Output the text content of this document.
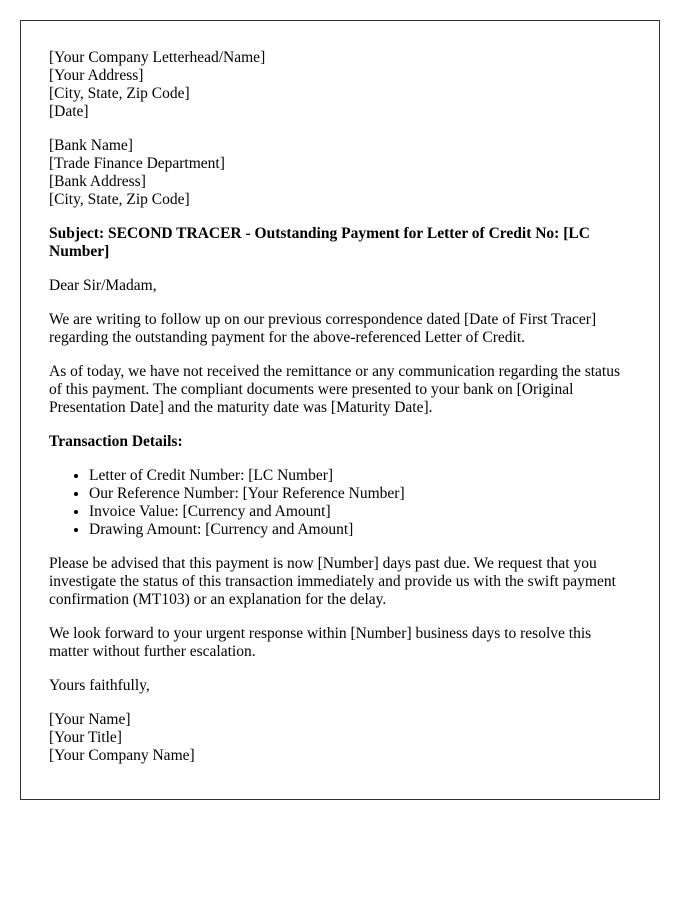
[Your Company Letterhead/Name]
[Your Address]
[City, State, Zip Code]
[Date]
[Bank Name]
[Trade Finance Department]
[Bank Address]
[City, State, Zip Code]
Subject: SECOND TRACER - Outstanding Payment for Letter of Credit No: [LC Number]

Dear Sir/Madam,

We are writing to follow up on our previous correspondence dated [Date of First Tracer] regarding the outstanding payment for the above-referenced Letter of Credit.

As of today, we have not received the remittance or any communication regarding the status of this payment. The compliant documents were presented to your bank on [Original Presentation Date] and the maturity date was [Maturity Date].

Transaction Details:
• Letter of Credit Number: [LC Number]
• Our Reference Number: [Your Reference Number]
• Invoice Value: [Currency and Amount]
• Drawing Amount: [Currency and Amount]

Please be advised that this payment is now [Number] days past due. We request that you investigate the status of this transaction immediately and provide us with the swift payment confirmation (MT103) or an explanation for the delay.

We look forward to your urgent response within [Number] business days to resolve this matter without further escalation.

Yours faithfully,

[Your Name]
[Your Title]
[Your Company Name]
